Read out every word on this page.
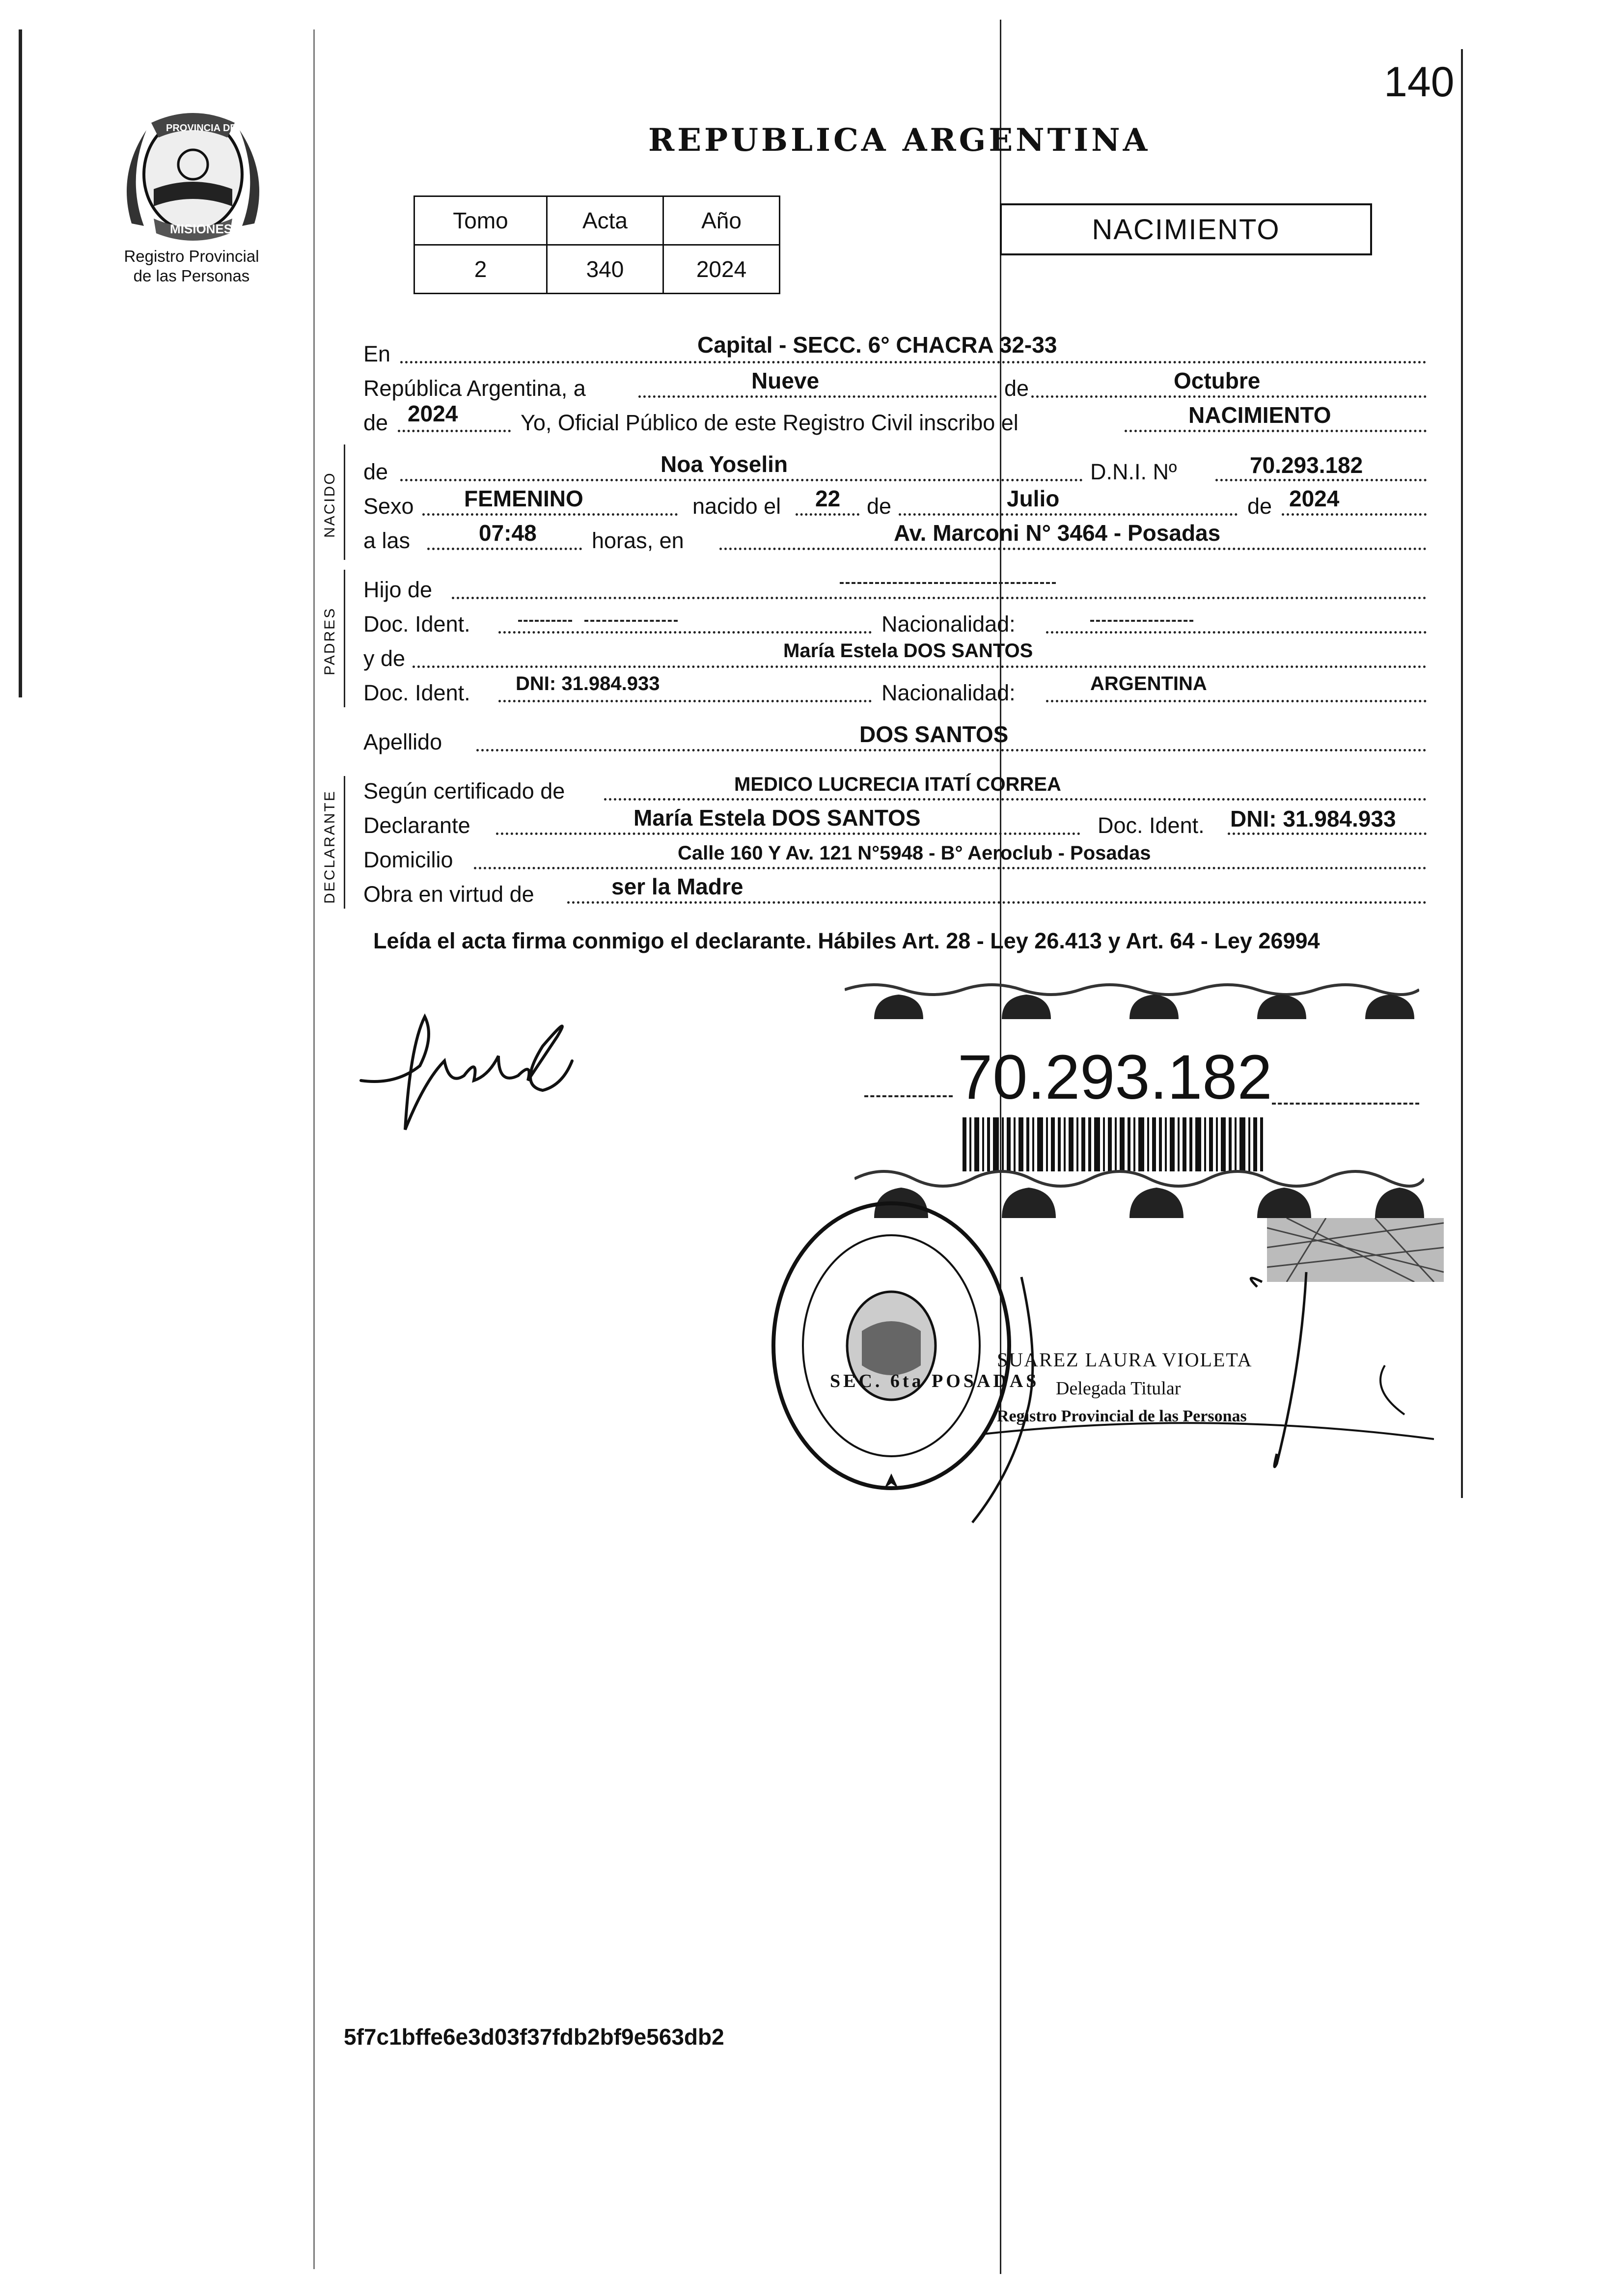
140
PROVINCIA DE
MISIONES
Registro Provincial
de las Personas
REPUBLICA ARGENTINA
Tomo	Acta	Año
2	340	2024
NACIMIENTO
En	Capital - SECC. 6° CHACRA 32-33
República Argentina, a	Nueve	de	Octubre
de 2024	Yo, Oficial Público de este Registro Civil inscribo el	NACIMIENTO
NACIDO de	Noa Yoselin	D.N.I. Nº	70.293.182
Sexo FEMENINO	nacido el 22 de	Julio	de 2024
a las	07:48 horas, en	Av. Marconi N° 3464 - Posadas
PADRES
Hijo de
Doc. Ident.	Nacionalidad:
y de	María Estela DOS SANTOS
Doc. Ident. DNI: 31.984.933	Nacionalidad:	ARGENTINA
Apellido	DOS SANTOS
DECLARANTE Según certificado de	MEDICO LUCRECIA ITATÍ CORREA
Declarante	María Estela DOS SANTOS	Doc. Ident. DNI: 31.984.933
Domicilio	Calle 160 Y Av. 121 N°5948 - B° Aeroclub - Posadas
Obra en virtud de	ser la Madre
Leída el acta firma conmigo el declarante. Hábiles Art. 28 - Ley 26.413 y Art. 64 - Ley 26994
70.293.182
SEC. 6ta POSADAS
SUAREZ LAURA VIOLETA
Delegada Titular
Registro Provincial de las Personas
5f7c1bffe6e3d03f37fdb2bf9e563db2
